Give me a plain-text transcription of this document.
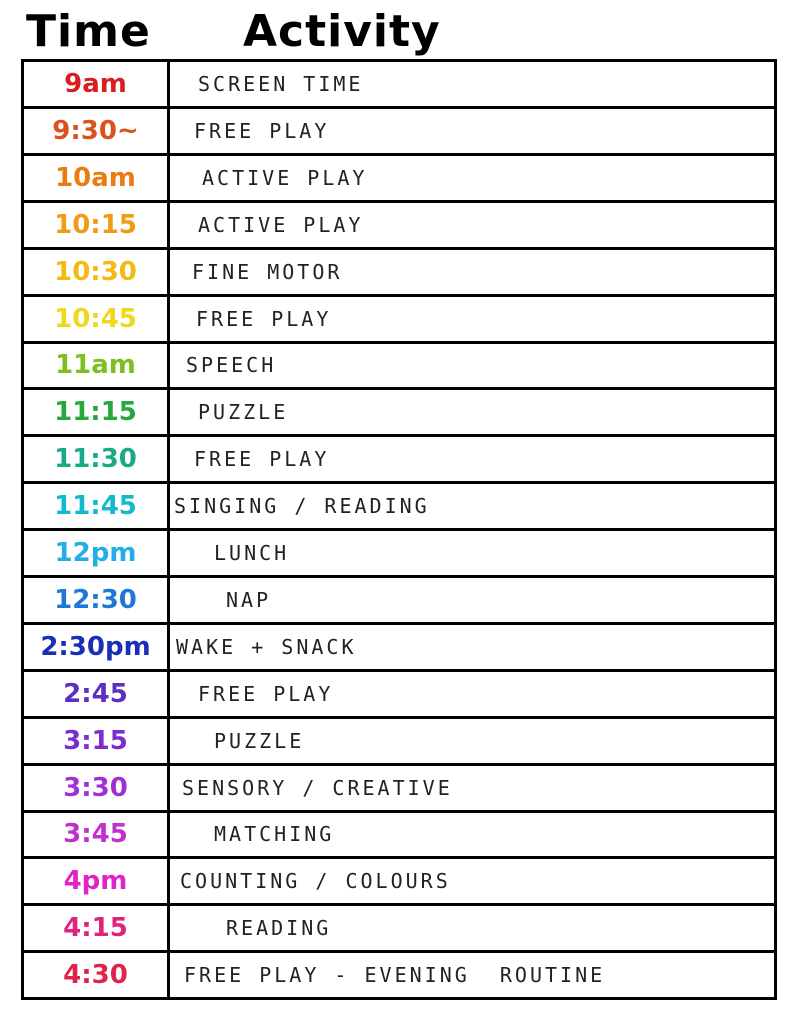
Time	Activity
9am	SCREEN TIME
9:30~	FREE PLAY
10am	ACTIVE PLAY
10:15	ACTIVE PLAY
10:30	FINE MOTOR
10:45	FREE PLAY
11am	SPEECH
11:15	PUZZLE
11:30	FREE PLAY
11:45	SINGING / READING
12pm	LUNCH
12:30	NAP
2:30pm	WAKE + SNACK
2:45	FREE PLAY
3:15	PUZZLE
3:30	SENSORY / CREATIVE
3:45	MATCHING
4pm	COUNTING / COLOURS
4:15	READING
4:30	FREE PLAY - EVENING  ROUTINE
